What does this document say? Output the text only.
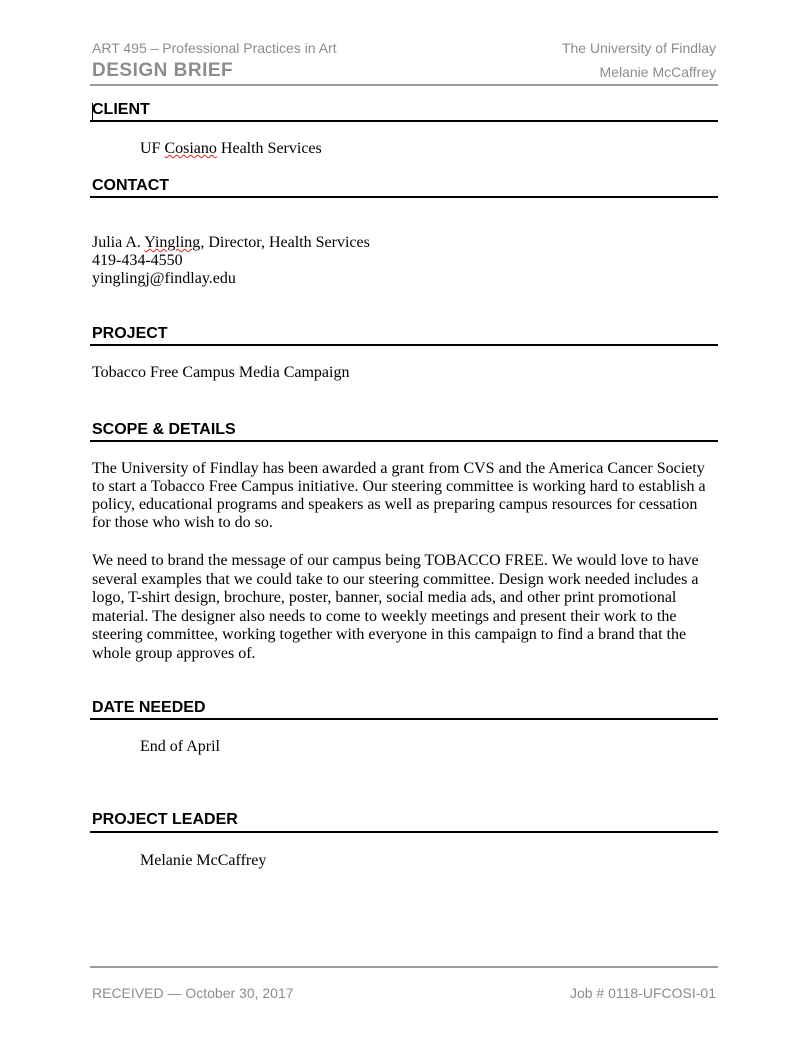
ART 495 – Professional Practices in Art	The University of Findlay
DESIGN BRIEF	Melanie McCaffrey
CLIENT
UF Cosiano Health Services
CONTACT
Julia A. Yingling, Director, Health Services
419-434-4550
yinglingj@findlay.edu
PROJECT
Tobacco Free Campus Media Campaign
SCOPE & DETAILS
The University of Findlay has been awarded a grant from CVS and the America Cancer Society
to start a Tobacco Free Campus initiative. Our steering committee is working hard to establish a
policy, educational programs and speakers as well as preparing campus resources for cessation
for those who wish to do so.
We need to brand the message of our campus being TOBACCO FREE. We would love to have
several examples that we could take to our steering committee. Design work needed includes a
logo, T-shirt design, brochure, poster, banner, social media ads, and other print promotional
material. The designer also needs to come to weekly meetings and present their work to the
steering committee, working together with everyone in this campaign to find a brand that the
whole group approves of.
DATE NEEDED
End of April
PROJECT LEADER
Melanie McCaffrey
RECEIVED — October 30, 2017	Job # 0118-UFCOSI-01
